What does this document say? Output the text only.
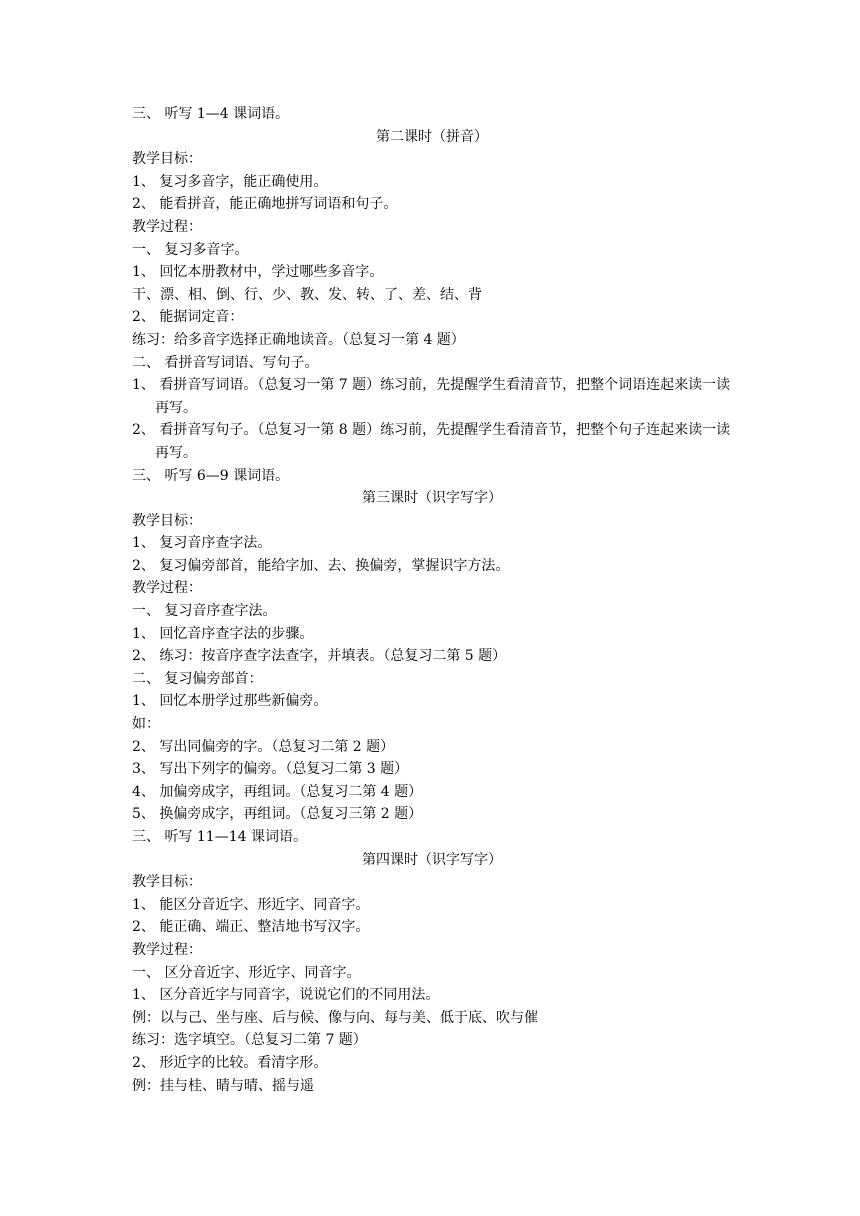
三、 听写 1—4 课词语。
第二课时（拼音）
教学目标：
1、 复习多音字，能正确使用。
2、 能看拼音，能正确地拼写词语和句子。
教学过程：
一、 复习多音字。
1、 回忆本册教材中，学过哪些多音字。
干、漂、相、倒、行、少、教、发、转、了、差、结、背
2、 能据词定音：
练习：给多音字选择正确地读音。（总复习一第 4 题）
二、 看拼音写词语、写句子。
1、 看拼音写词语。（总复习一第 7 题）练习前，先提醒学生看清音节，把整个词语连起来读一读再写。
2、 看拼音写句子。（总复习一第 8 题）练习前，先提醒学生看清音节，把整个句子连起来读一读再写。
三、 听写 6—9 课词语。
第三课时（识字写字）
教学目标：
1、 复习音序查字法。
2、 复习偏旁部首，能给字加、去、换偏旁，掌握识字方法。
教学过程：
一、 复习音序查字法。
1、 回忆音序查字法的步骤。
2、 练习：按音序查字法查字，并填表。（总复习二第 5 题）
二、 复习偏旁部首：
1、 回忆本册学过那些新偏旁。
如：
2、 写出同偏旁的字。（总复习二第 2 题）
3、 写出下列字的偏旁。（总复习二第 3 题）
4、 加偏旁成字，再组词。（总复习二第 4 题）
5、 换偏旁成字，再组词。（总复习三第 2 题）
三、 听写 11—14 课词语。
第四课时（识字写字）
教学目标：
1、 能区分音近字、形近字、同音字。
2、 能正确、端正、整洁地书写汉字。
教学过程：
一、 区分音近字、形近字、同音字。
1、 区分音近字与同音字，说说它们的不同用法。
例：以与己、坐与座、后与候、像与向、每与美、低于底、吹与催
练习：选字填空。（总复习二第 7 题）
2、 形近字的比较。看清字形。
例：挂与桂、睛与晴、摇与遥
